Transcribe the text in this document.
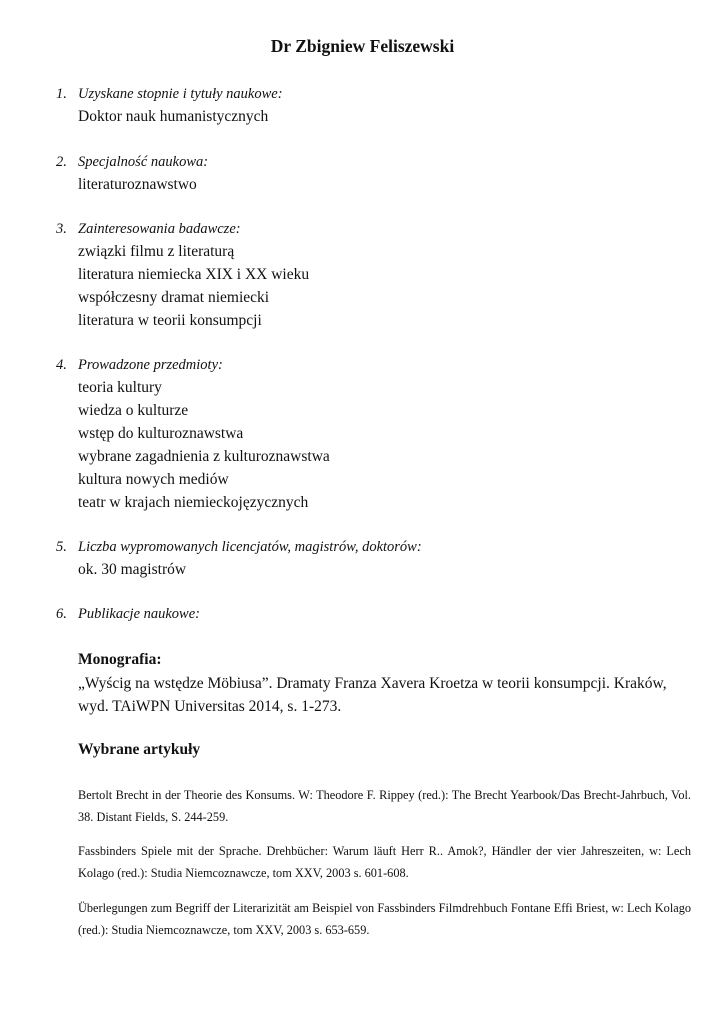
Dr Zbigniew Feliszewski
1. Uzyskane stopnie i tytuły naukowe:
Doktor nauk humanistycznych
2. Specjalność naukowa:
literaturoznawstwo
3. Zainteresowania badawcze:
związki filmu z literaturą
literatura niemiecka XIX i XX wieku
współczesny dramat niemiecki
literatura w teorii konsumpcji
4. Prowadzone przedmioty:
teoria kultury
wiedza o kulturze
wstęp do kulturoznawstwa
wybrane zagadnienia z kulturoznawstwa
kultura nowych mediów
teatr w krajach niemieckojęzycznych
5. Liczba wypromowanych licencjatów, magistrów, doktorów:
ok. 30 magistrów
6. Publikacje naukowe:
Monografia:
„Wyścig na wstędze Möbiusa”. Dramaty Franza Xavera Kroetza w teorii konsumpcji. Kraków, wyd. TAiWPN Universitas 2014, s. 1-273.
Wybrane artykuły
Bertolt Brecht in der Theorie des Konsums. W: Theodore F. Rippey (red.): The Brecht Yearbook/Das Brecht-Jahrbuch, Vol. 38. Distant Fields, S. 244-259.
Fassbinders Spiele mit der Sprache. Drehbücher: Warum läuft Herr R.. Amok?, Händler der vier Jahreszeiten, w: Lech Kolago (red.): Studia Niemcoznawcze, tom XXV, 2003 s. 601-608.
Überlegungen zum Begriff der Literarizität am Beispiel von Fassbinders Filmdrehbuch Fontane Effi Briest, w: Lech Kolago (red.): Studia Niemcoznawcze, tom XXV, 2003 s. 653-659.
